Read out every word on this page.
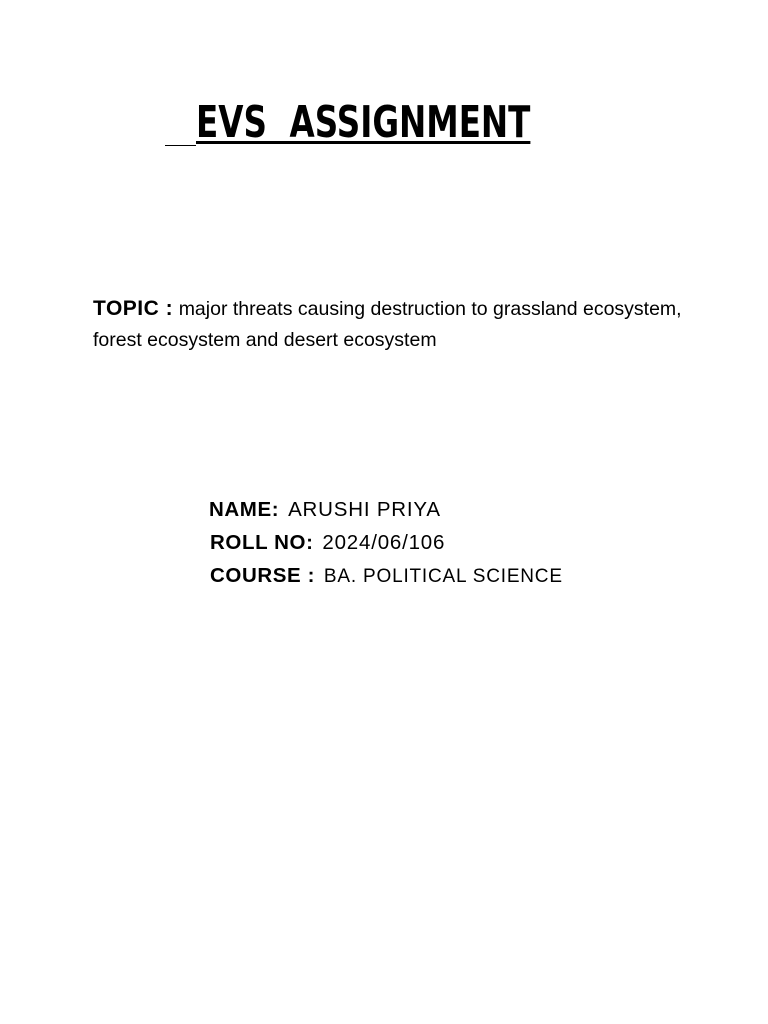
EVS  ASSIGNMENT

TOPIC : major threats causing destruction to grassland ecosystem, forest ecosystem and desert ecosystem

NAME: ARUSHI PRIYA
ROLL NO: 2024/06/106
COURSE : BA. POLITICAL SCIENCE
